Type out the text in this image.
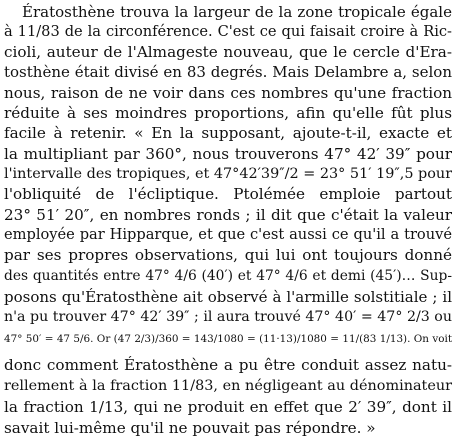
Ératosthène trouva la largeur de la zone tropicale égale
à 11/83 de la circonférence. C'est ce qui faisait croire à Ric-
cioli, auteur de l'Almageste nouveau, que le cercle d'Era-
tosthène était divisé en 83 degrés. Mais Delambre a, selon
nous, raison de ne voir dans ces nombres qu'une fraction
réduite à ses moindres proportions, afin qu'elle fût plus
facile à retenir. « En la supposant, ajoute-t-il, exacte et
la multipliant par 360°, nous trouverons 47° 42′ 39″ pour
l'intervalle des tropiques, et 47°42′39″/2 = 23° 51′ 19″,5 pour
l'obliquité de l'écliptique. Ptolémée emploie partout
23° 51′ 20″, en nombres ronds ; il dit que c'était la valeur
employée par Hipparque, et que c'est aussi ce qu'il a trouvé
par ses propres observations, qui lui ont toujours donné
des quantités entre 47° 4/6 (40′) et 47° 4/6 et demi (45′)… Sup-
posons qu'Ératosthène ait observé à l'armille solstitiale ; il
n'a pu trouver 47° 42′ 39″ ; il aura trouvé 47° 40′ = 47° 2/3 ou
47° 50′ = 47 5/6. Or (47 2/3)/360 = 143/1080 = (11·13)/1080 = 11/(83 1/13). On voit
donc comment Ératosthène a pu être conduit assez natu-
rellement à la fraction 11/83, en négligeant au dénominateur
la fraction 1/13, qui ne produit en effet que 2′ 39″, dont il
savait lui-même qu'il ne pouvait pas répondre. »
